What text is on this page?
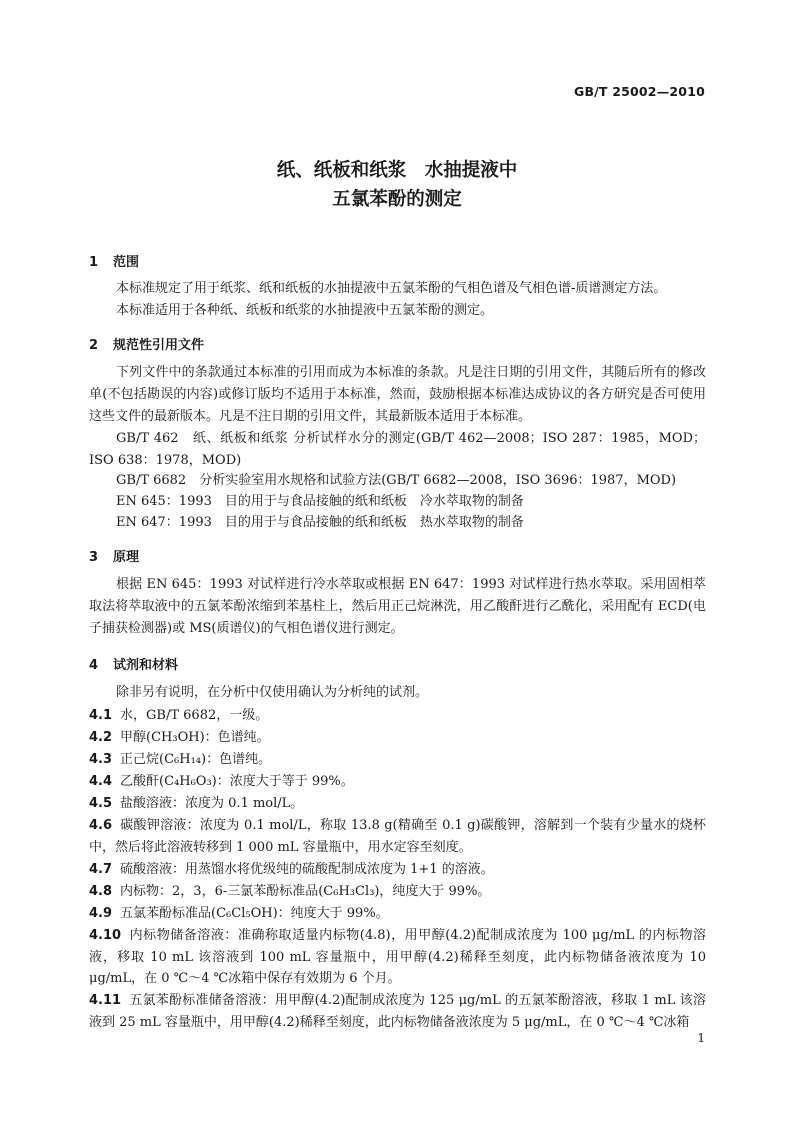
GB/T 25002—2010
纸、纸板和纸浆　水抽提液中
五氯苯酚的测定
1 范围
本标准规定了用于纸浆、纸和纸板的水抽提液中五氯苯酚的气相色谱及气相色谱-质谱测定方法。
本标准适用于各种纸、纸板和纸浆的水抽提液中五氯苯酚的测定。
2 规范性引用文件
下列文件中的条款通过本标准的引用而成为本标准的条款。凡是注日期的引用文件，其随后所有的修改单(不包括勘误的内容)或修订版均不适用于本标准，然而，鼓励根据本标准达成协议的各方研究是否可使用这些文件的最新版本。凡是不注日期的引用文件，其最新版本适用于本标准。
GB/T 462　纸、纸板和纸浆 分析试样水分的测定(GB/T 462—2008；ISO 287：1985，MOD；ISO 638：1978，MOD)
GB/T 6682　分析实验室用水规格和试验方法(GB/T 6682—2008，ISO 3696：1987，MOD)
EN 645：1993　目的用于与食品接触的纸和纸板　冷水萃取物的制备
EN 647：1993　目的用于与食品接触的纸和纸板　热水萃取物的制备
3 原理
根据 EN 645：1993 对试样进行冷水萃取或根据 EN 647：1993 对试样进行热水萃取。采用固相萃取法将萃取液中的五氯苯酚浓缩到苯基柱上，然后用正己烷淋洗，用乙酸酐进行乙酰化，采用配有 ECD(电子捕获检测器)或 MS(质谱仪)的气相色谱仪进行测定。
4 试剂和材料
除非另有说明，在分析中仅使用确认为分析纯的试剂。
4.1 水，GB/T 6682，一级。
4.2 甲醇(CH₃OH)：色谱纯。
4.3 正己烷(C₆H₁₄)：色谱纯。
4.4 乙酸酐(C₄H₆O₃)：浓度大于等于 99%。
4.5 盐酸溶液：浓度为 0.1 mol/L。
4.6 碳酸钾溶液：浓度为 0.1 mol/L，称取 13.8 g(精确至 0.1 g)碳酸钾，溶解到一个装有少量水的烧杯中，然后将此溶液转移到 1 000 mL 容量瓶中，用水定容至刻度。
4.7 硫酸溶液：用蒸馏水将优级纯的硫酸配制成浓度为 1+1 的溶液。
4.8 内标物：2，3，6-三氯苯酚标准品(C₆H₃Cl₃)，纯度大于 99%。
4.9 五氯苯酚标准品(C₆Cl₅OH)：纯度大于 99%。
4.10 内标物储备溶液：准确称取适量内标物(4.8)，用甲醇(4.2)配制成浓度为 100 μg/mL 的内标物溶液，移取 10 mL 该溶液到 100 mL 容量瓶中，用甲醇(4.2)稀释至刻度，此内标物储备液浓度为 10 μg/mL，在 0 ℃～4 ℃冰箱中保存有效期为 6 个月。
4.11 五氯苯酚标准储备溶液：用甲醇(4.2)配制成浓度为 125 μg/mL 的五氯苯酚溶液，移取 1 mL 该溶液到 25 mL 容量瓶中，用甲醇(4.2)稀释至刻度，此内标物储备液浓度为 5 μg/mL，在 0 ℃～4 ℃冰箱
1
